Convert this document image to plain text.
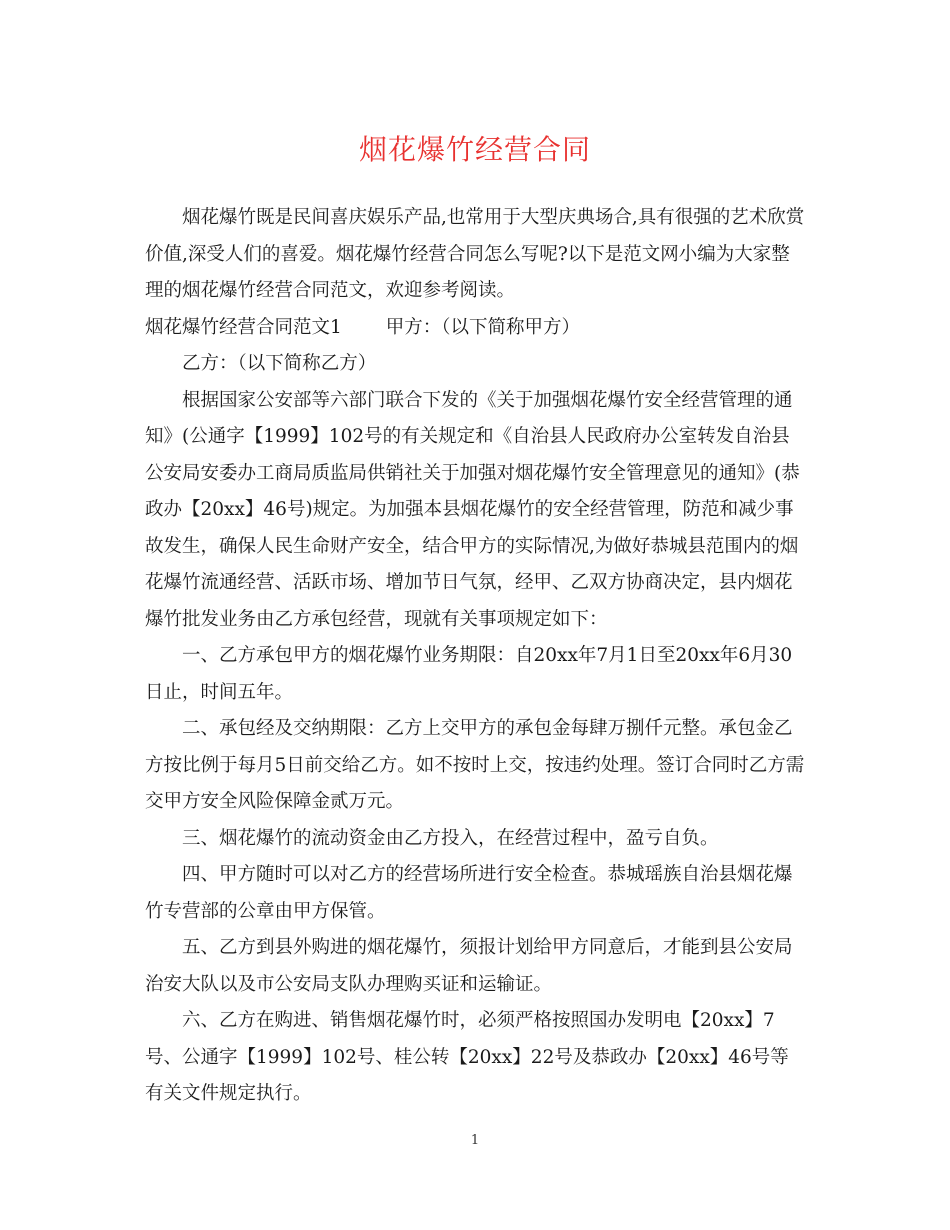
烟花爆竹经营合同

烟花爆竹既是民间喜庆娱乐产品,也常用于大型庆典场合,具有很强的艺术欣赏价值,深受人们的喜爱。烟花爆竹经营合同怎么写呢?以下是范文网小编为大家整理的烟花爆竹经营合同范文，欢迎参考阅读。

烟花爆竹经营合同范文1 甲方：（以下简称甲方）

乙方：（以下简称乙方）

根据国家公安部等六部门联合下发的《关于加强烟花爆竹安全经营管理的通知》(公通字【1999】102号的有关规定和《自治县人民政府办公室转发自治县公安局安委办工商局质监局供销社关于加强对烟花爆竹安全管理意见的通知》(恭政办【20xx】46号)规定。为加强本县烟花爆竹的安全经营管理，防范和减少事故发生，确保人民生命财产安全，结合甲方的实际情况,为做好恭城县范围内的烟花爆竹流通经营、活跃市场、增加节日气氛，经甲、乙双方协商决定，县内烟花爆竹批发业务由乙方承包经营，现就有关事项规定如下：

一、乙方承包甲方的烟花爆竹业务期限：自20xx年7月1日至20xx年6月30日止，时间五年。

二、承包经及交纳期限：乙方上交甲方的承包金每肆万捌仟元整。承包金乙方按比例于每月5日前交给乙方。如不按时上交，按违约处理。签订合同时乙方需交甲方安全风险保障金贰万元。

三、烟花爆竹的流动资金由乙方投入，在经营过程中，盈亏自负。

四、甲方随时可以对乙方的经营场所进行安全检查。恭城瑶族自治县烟花爆竹专营部的公章由甲方保管。

五、乙方到县外购进的烟花爆竹，须报计划给甲方同意后，才能到县公安局治安大队以及市公安局支队办理购买证和运输证。

六、乙方在购进、销售烟花爆竹时，必须严格按照国办发明电【20xx】7号、公通字【1999】102号、桂公转【20xx】22号及恭政办【20xx】46号等有关文件规定执行。

1
